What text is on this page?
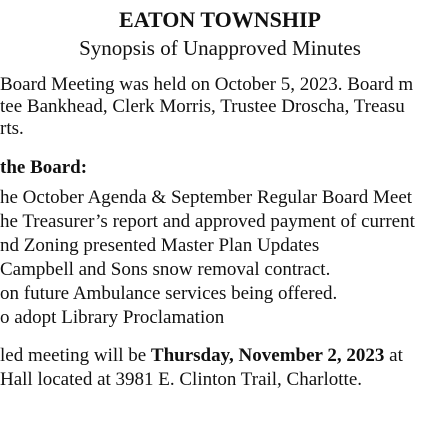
EATON TOWNSHIP
Synopsis of Unapproved Minutes
Board Meeting was held on October 5, 2023. Board m
tee Bankhead, Clerk Morris, Trustee Droscha, Treasu
rts.
the Board:
he October Agenda & September Regular Board Meet
he Treasurer’s report and approved payment of current
nd Zoning presented Master Plan Updates
Campbell and Sons snow removal contract.
on future Ambulance services being offered.
o adopt Library Proclamation
led meeting will be Thursday, November 2, 2023 at
Hall located at 3981 E. Clinton Trail, Charlotte.
